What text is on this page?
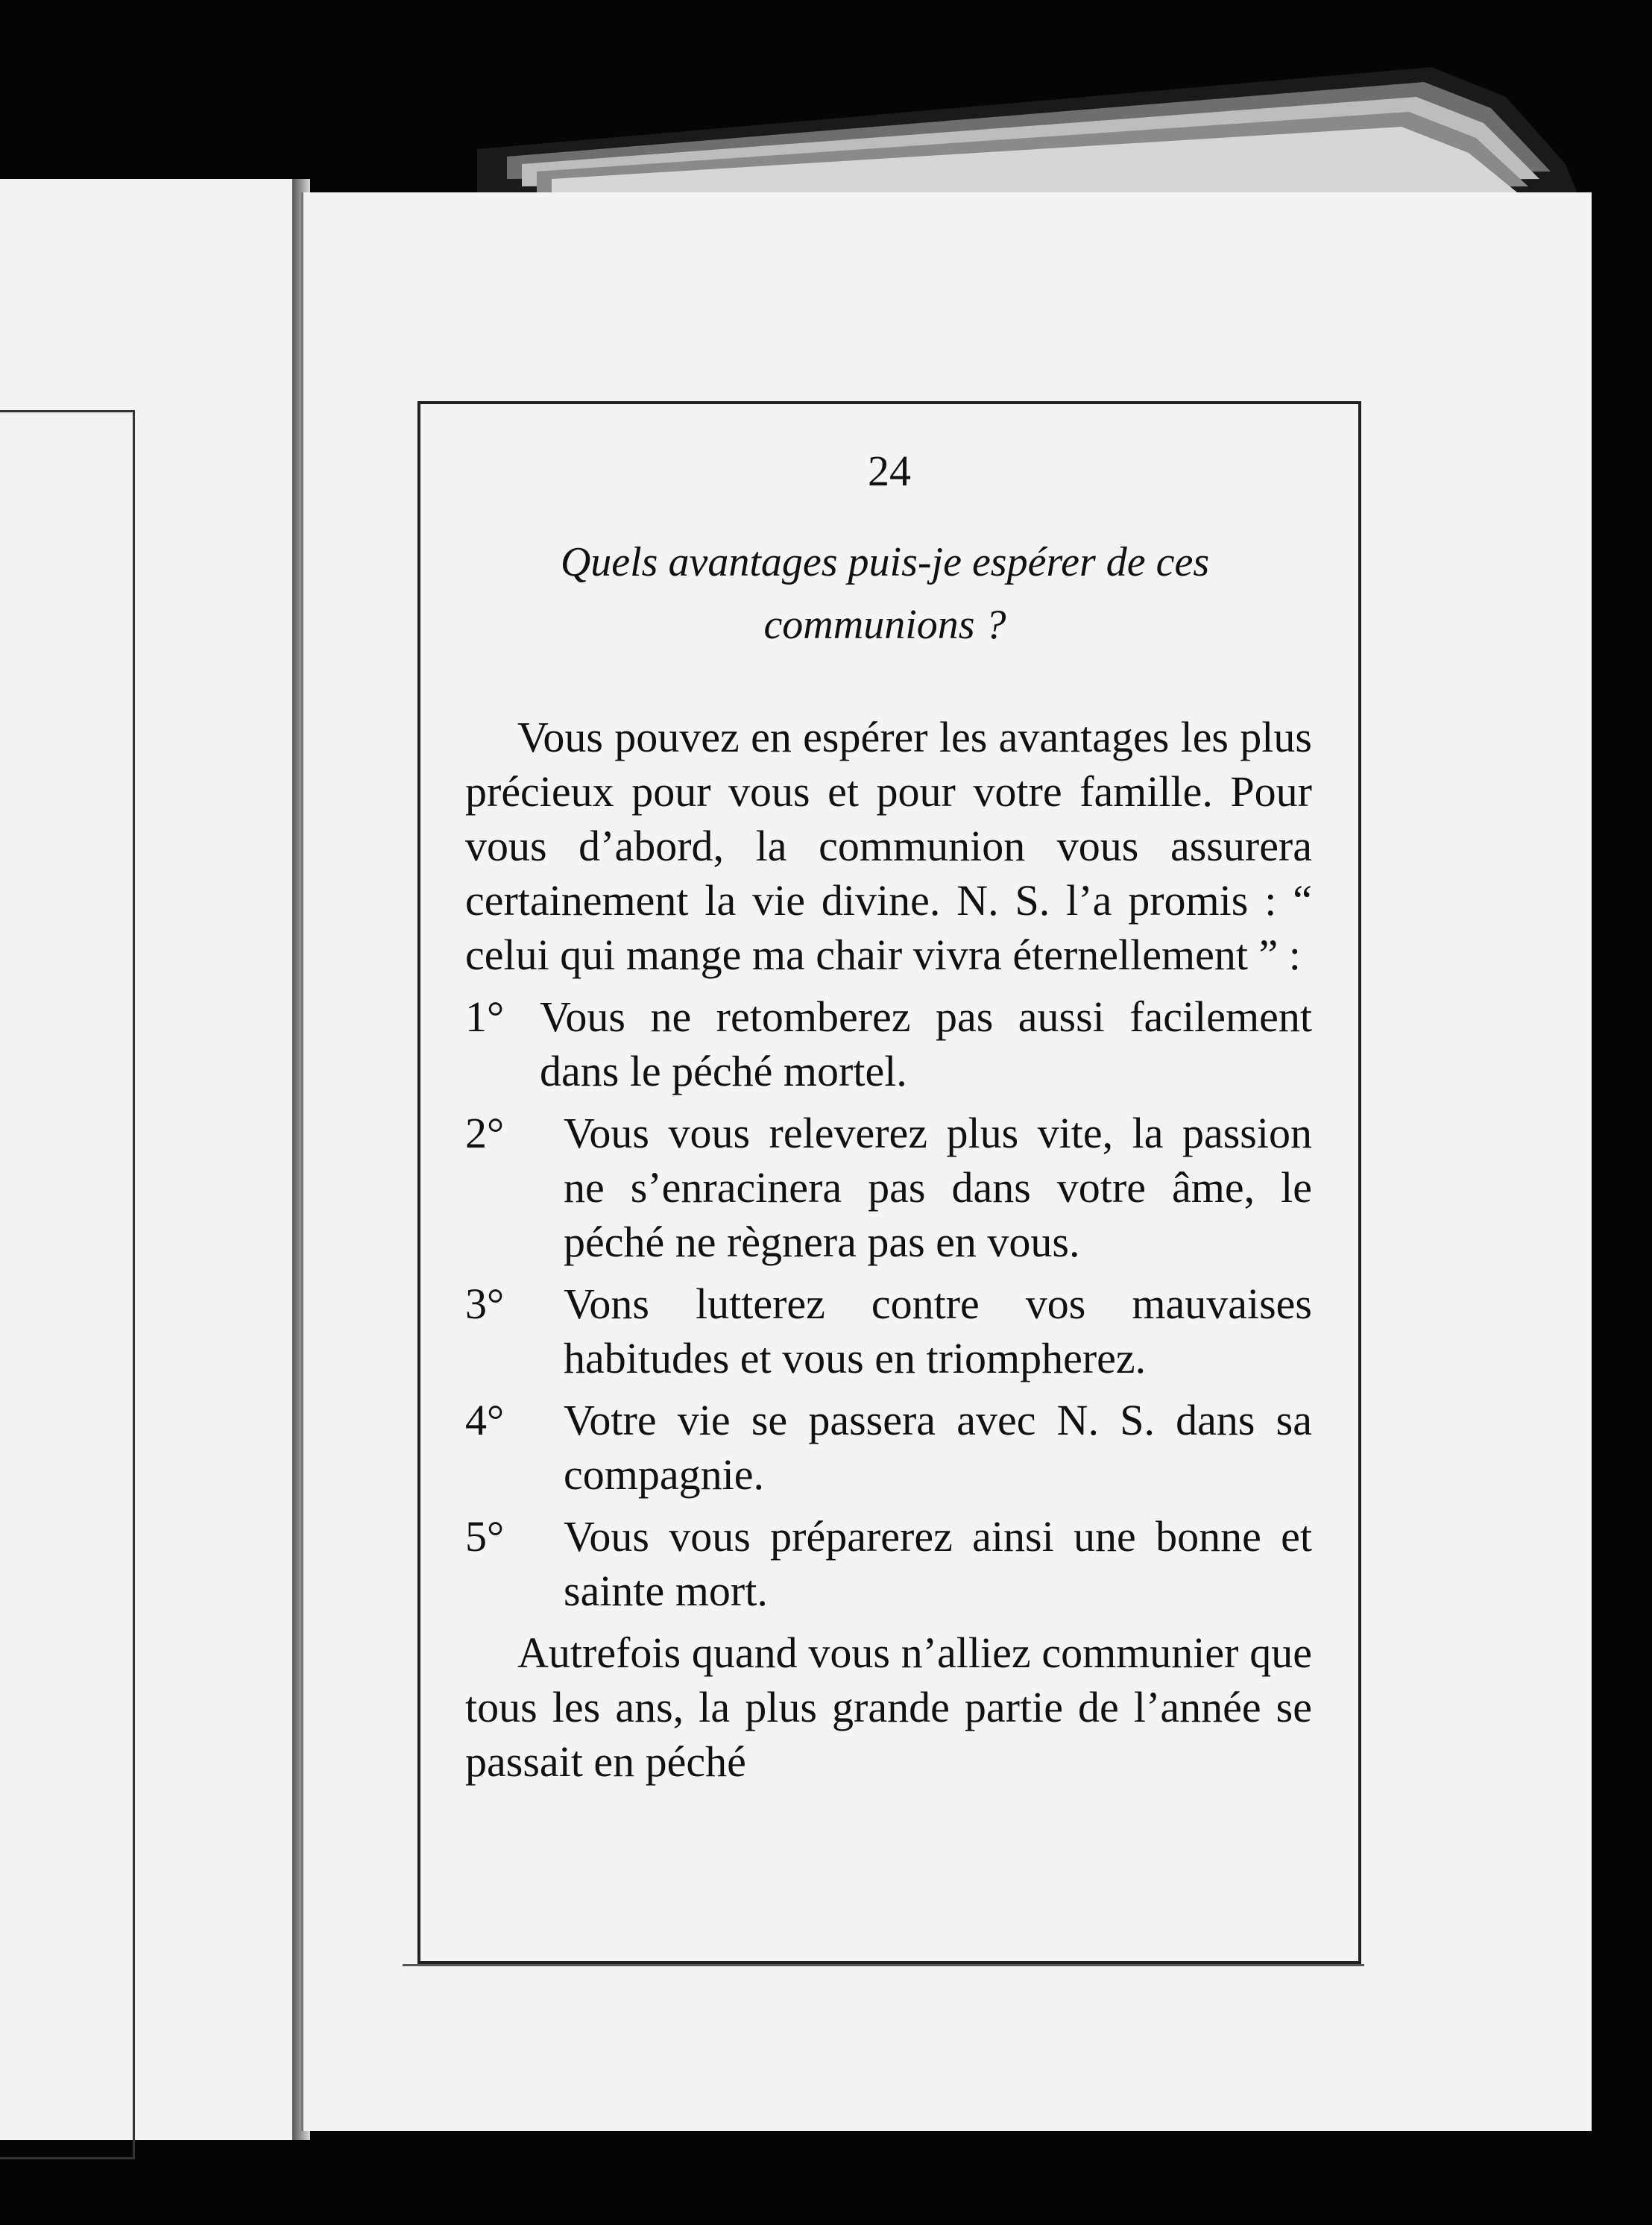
24
Quels avantages puis-je espérer de ces
communions ?

Vous pouvez en espérer les avantages les plus précieux pour vous et pour votre famille. Pour vous d’abord, la communion vous assurera certainement la vie divine. N. S. l’a promis : “ celui qui mange ma chair vivra éternellement ” :

1° Vous ne retomberez pas aussi facilement dans le péché mortel.
2°	Vous vous releverez plus vite, la passion ne s’enracinera pas dans votre âme, le péché ne règnera pas en vous.
3°	Vons lutterez contre vos mauvaises habitudes et vous en triompherez.
4°	Votre vie se passera avec N. S. dans sa compagnie.
5°	Vous vous préparerez ainsi une bonne et sainte mort.

Autrefois quand vous n’alliez communier que tous les ans, la plus grande partie de l’année se passait en péché
